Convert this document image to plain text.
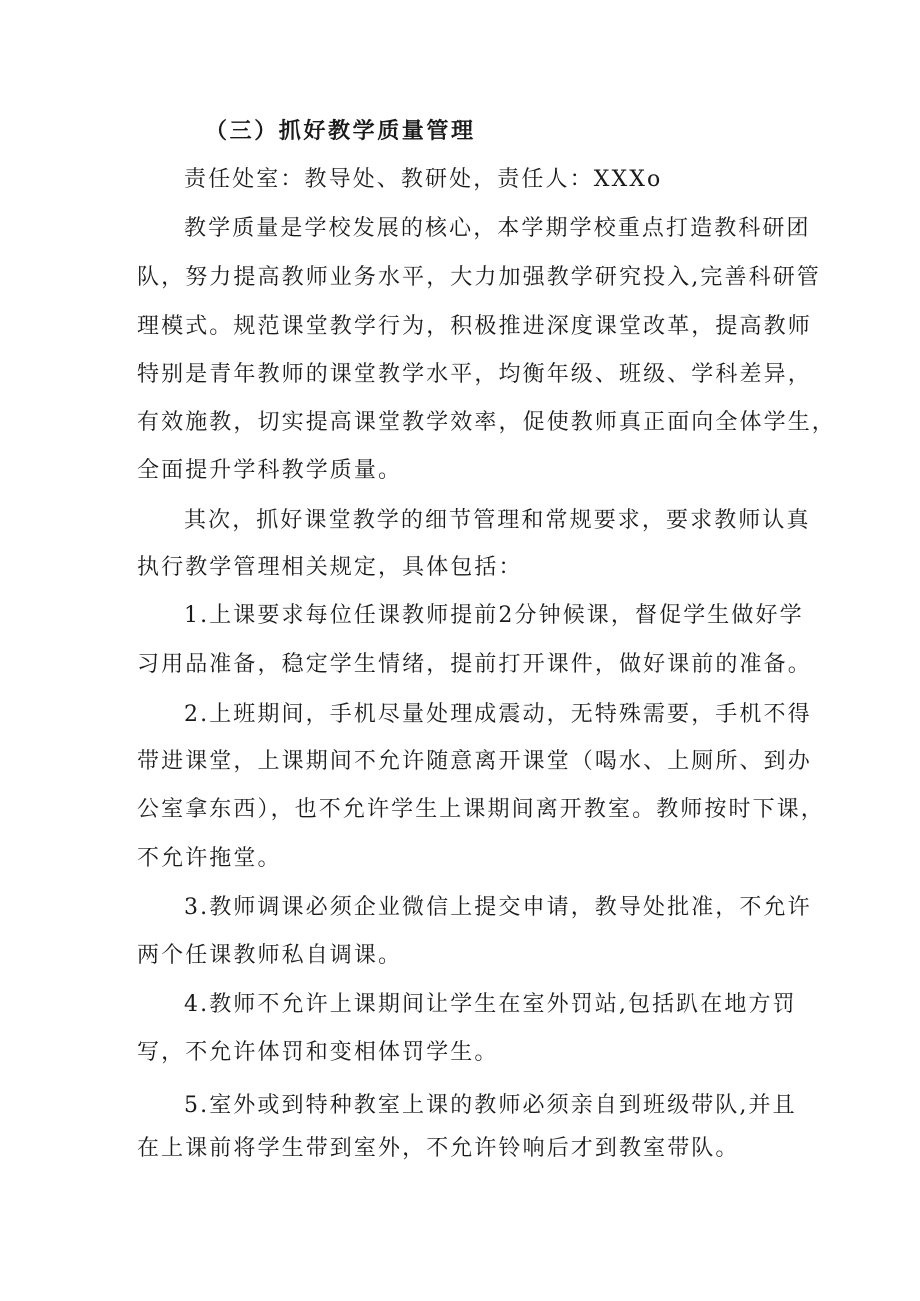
（三）抓好教学质量管理
责任处室：教导处、教研处，责任人：XXXo
教学质量是学校发展的核心，本学期学校重点打造教科研团
队，努力提高教师业务水平，大力加强教学研究投入,完善科研管
理模式。规范课堂教学行为，积极推进深度课堂改革，提高教师
特别是青年教师的课堂教学水平，均衡年级、班级、学科差异，
有效施教，切实提高课堂教学效率，促使教师真正面向全体学生，
全面提升学科教学质量。
其次，抓好课堂教学的细节管理和常规要求，要求教师认真
执行教学管理相关规定，具体包括：
1.上课要求每位任课教师提前2分钟候课，督促学生做好学
习用品准备，稳定学生情绪，提前打开课件，做好课前的准备。
2.上班期间，手机尽量处理成震动，无特殊需要，手机不得
带进课堂，上课期间不允许随意离开课堂（喝水、上厕所、到办
公室拿东西），也不允许学生上课期间离开教室。教师按时下课，
不允许拖堂。
3.教师调课必须企业微信上提交申请，教导处批准，不允许
两个任课教师私自调课。
4.教师不允许上课期间让学生在室外罚站,包括趴在地方罚
写，不允许体罚和变相体罚学生。
5.室外或到特种教室上课的教师必须亲自到班级带队,并且
在上课前将学生带到室外，不允许铃响后才到教室带队。
